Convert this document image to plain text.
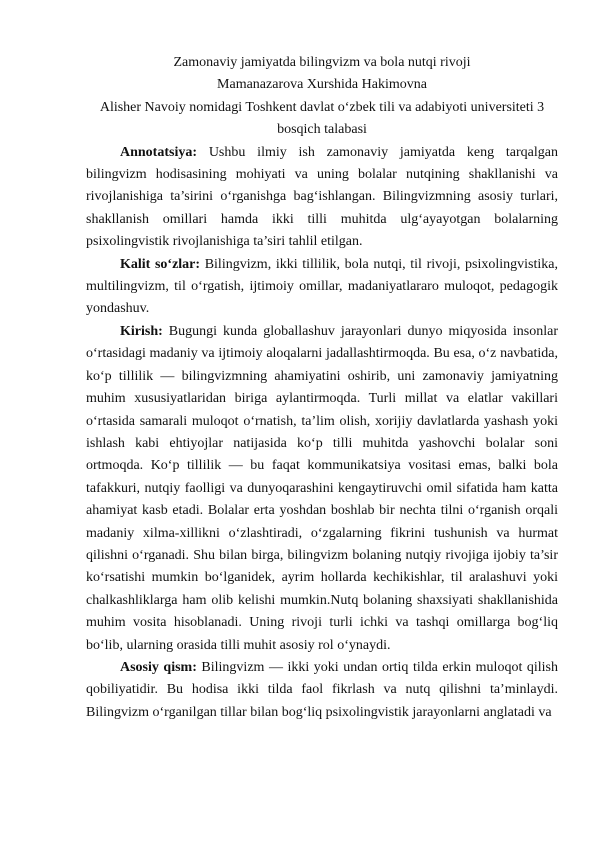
Zamonaviy jamiyatda bilingvizm va bola nutqi rivoji

Mamanazarova Xurshida Hakimovna

Alisher Navoiy nomidagi Toshkent davlat o‘zbek tili va adabiyoti universiteti 3
bosqich talabasi

Annotatsiya: Ushbu ilmiy ish zamonaviy jamiyatda keng tarqalgan bilingvizm hodisasining mohiyati va uning bolalar nutqining shakllanishi va rivojlanishiga ta’sirini o‘rganishga bag‘ishlangan. Bilingvizmning asosiy turlari, shakllanish omillari hamda ikki tilli muhitda ulg‘ayayotgan bolalarning psixolingvistik rivojlanishiga ta’siri tahlil etilgan.

Kalit so‘zlar: Bilingvizm, ikki tillilik, bola nutqi, til rivoji, psixolingvistika, multilingvizm, til o‘rgatish, ijtimoiy omillar, madaniyatlararo muloqot, pedagogik yondashuv.

Kirish: Bugungi kunda globallashuv jarayonlari dunyo miqyosida insonlar o‘rtasidagi madaniy va ijtimoiy aloqalarni jadallashtirmoqda. Bu esa, o‘z navbatida, ko‘p tillilik — bilingvizmning ahamiyatini oshirib, uni zamonaviy jamiyatning muhim xususiyatlaridan biriga aylantirmoqda. Turli millat va elatlar vakillari o‘rtasida samarali muloqot o‘rnatish, ta’lim olish, xorijiy davlatlarda yashash yoki ishlash kabi ehtiyojlar natijasida ko‘p tilli muhitda yashovchi bolalar soni ortmoqda. Ko‘p tillilik — bu faqat kommunikatsiya vositasi emas, balki bola tafakkuri, nutqiy faolligi va dunyoqarashini kengaytiruvchi omil sifatida ham katta ahamiyat kasb etadi. Bolalar erta yoshdan boshlab bir nechta tilni o‘rganish orqali madaniy xilma-xillikni o‘zlashtiradi, o‘zgalarning fikrini tushunish va hurmat qilishni o‘rganadi. Shu bilan birga, bilingvizm bolaning nutqiy rivojiga ijobiy ta’sir ko‘rsatishi mumkin bo‘lganidek, ayrim hollarda kechikishlar, til aralashuvi yoki chalkashliklarga ham olib kelishi mumkin.Nutq bolaning shaxsiyati shakllanishida muhim vosita hisoblanadi. Uning rivoji turli ichki va tashqi omillarga bog‘liq bo‘lib, ularning orasida tilli muhit asosiy rol o‘ynaydi.

Asosiy qism: Bilingvizm — ikki yoki undan ortiq tilda erkin muloqot qilish qobiliyatidir. Bu hodisa ikki tilda faol fikrlash va nutq qilishni ta’minlaydi. Bilingvizm o‘rganilgan tillar bilan bog‘liq psixolingvistik jarayonlarni anglatadi va
